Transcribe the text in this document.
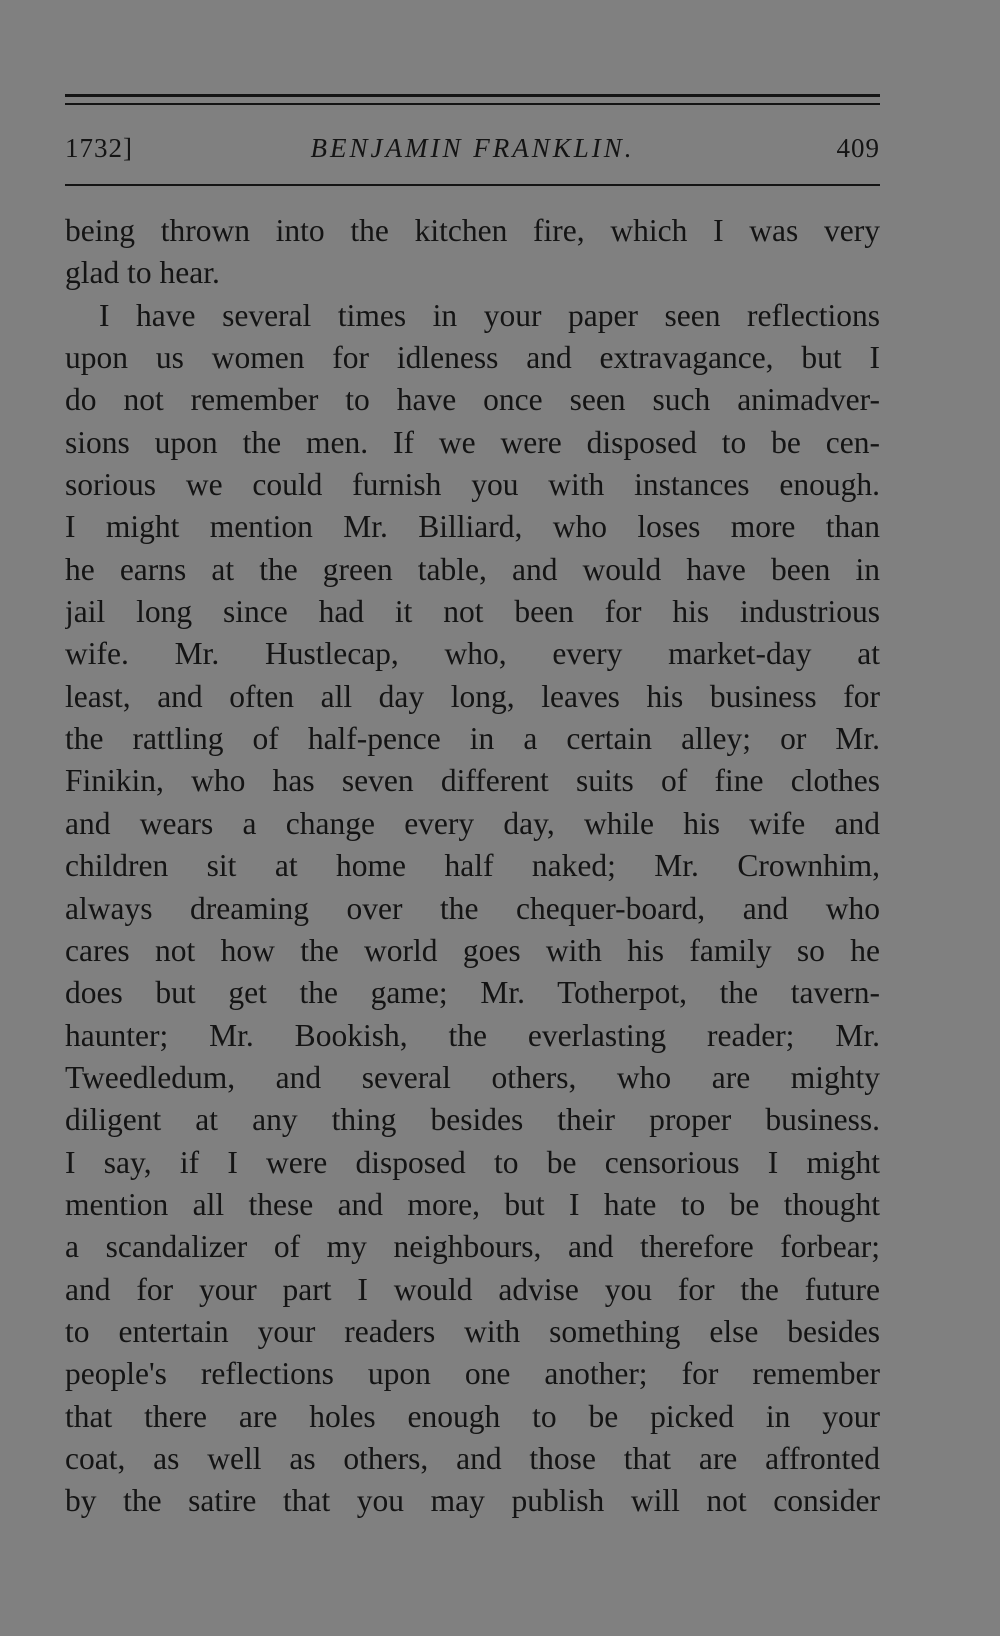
1732]	BENJAMIN FRANKLIN.	409
being thrown into the kitchen fire, which I was very
glad to hear.
I have several times in your paper seen reflections
upon us women for idleness and extravagance, but I
do not remember to have once seen such animadver-
sions upon the men. If we were disposed to be cen-
sorious we could furnish you with instances enough.
I might mention Mr. Billiard, who loses more than
he earns at the green table, and would have been in
jail long since had it not been for his industrious
wife. Mr. Hustlecap, who, every market-day at
least, and often all day long, leaves his business for
the rattling of half-pence in a certain alley; or Mr.
Finikin, who has seven different suits of fine clothes
and wears a change every day, while his wife and
children sit at home half naked; Mr. Crownhim,
always dreaming over the chequer-board, and who
cares not how the world goes with his family so he
does but get the game; Mr. Totherpot, the tavern-
haunter; Mr. Bookish, the everlasting reader; Mr.
Tweedledum, and several others, who are mighty
diligent at any thing besides their proper business.
I say, if I were disposed to be censorious I might
mention all these and more, but I hate to be thought
a scandalizer of my neighbours, and therefore forbear;
and for your part I would advise you for the future
to entertain your readers with something else besides
people's reflections upon one another; for remember
that there are holes enough to be picked in your
coat, as well as others, and those that are affronted
by the satire that you may publish will not consider
